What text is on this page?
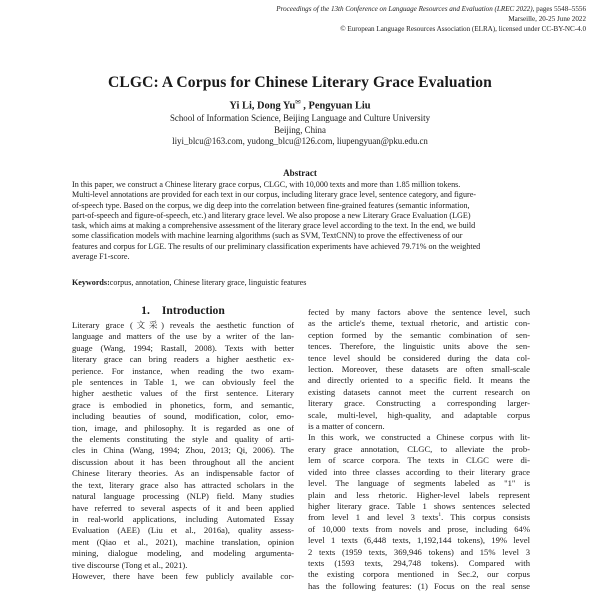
Proceedings of the 13th Conference on Language Resources and Evaluation (LREC 2022), pages 5548–5556
Marseille, 20-25 June 2022
© European Language Resources Association (ELRA), licensed under CC-BY-NC-4.0
CLGC: A Corpus for Chinese Literary Grace Evaluation
Yi Li, Dong Yu✉ , Pengyuan Liu
School of Information Science, Beijing Language and Culture University
Beijing, China
liyi_blcu@163.com, yudong_blcu@126.com, liupengyuan@pku.edu.cn
Abstract
In this paper, we construct a Chinese literary grace corpus, CLGC, with 10,000 texts and more than 1.85 million tokens.
Multi-level annotations are provided for each text in our corpus, including literary grace level, sentence category, and figure-
of-speech type. Based on the corpus, we dig deep into the correlation between fine-grained features (semantic information,
part-of-speech and figure-of-speech, etc.) and literary grace level. We also propose a new Literary Grace Evaluation (LGE)
task, which aims at making a comprehensive assessment of the literary grace level according to the text. In the end, we build
some classification models with machine learning algorithms (such as SVM, TextCNN) to prove the effectiveness of our
features and corpus for LGE. The results of our preliminary classification experiments have achieved 79.71% on the weighted
average F1-score.
Keywords:corpus, annotation, Chinese literary grace, linguistic features
1. Introduction
Literary grace (文采) reveals the aesthetic function of
language and matters of the use by a writer of the lan-
guage (Wang, 1994; Rastall, 2008). Texts with better
literary grace can bring readers a higher aesthetic ex-
perience. For instance, when reading the two exam-
ple sentences in Table 1, we can obviously feel the
higher aesthetic values of the first sentence. Literary
grace is embodied in phonetics, form, and semantic,
including beauties of sound, modification, color, emo-
tion, image, and philosophy. It is regarded as one of
the elements constituting the style and quality of arti-
cles in China (Wang, 1994; Zhou, 2013; Qi, 2006). The
discussion about it has been throughout all the ancient
Chinese literary theories. As an indispensable factor of
the text, literary grace also has attracted scholars in the
natural language processing (NLP) field. Many studies
have referred to several aspects of it and been applied
in real-world applications, including Automated Essay
Evaluation (AEE) (Liu et al., 2016a), quality assess-
ment (Qiao et al., 2021), machine translation, opinion
mining, dialogue modeling, and modeling argumenta-
tive discourse (Tong et al., 2021).
However, there have been few publicly available cor-
fected by many factors above the sentence level, such
as the article's theme, textual rhetoric, and artistic con-
ception formed by the semantic combination of sen-
tences. Therefore, the linguistic units above the sen-
tence level should be considered during the data col-
lection. Moreover, these datasets are often small-scale
and directly oriented to a specific field. It means the
existing datasets cannot meet the current research on
literary grace. Constructing a corresponding larger-
scale, multi-level, high-quality, and adaptable corpus
is a matter of concern.
In this work, we constructed a Chinese corpus with lit-
erary grace annotation, CLGC, to alleviate the prob-
lem of scarce corpora. The texts in CLGC were di-
vided into three classes according to their literary grace
level. The language of segments labeled as "1" is
plain and less rhetoric. Higher-level labels represent
higher literary grace. Table 1 shows sentences selected
from level 1 and level 3 texts$^1$. This corpus consists
of 10,000 texts from novels and prose, including 64%
level 1 texts (6,448 texts, 1,192,144 tokens), 19% level
2 texts (1959 texts, 369,946 tokens) and 15% level 3
texts (1593 texts, 294,748 tokens). Compared with
the existing corpora mentioned in Sec.2, our corpus
has the following features: (1) Focus on the real sense
